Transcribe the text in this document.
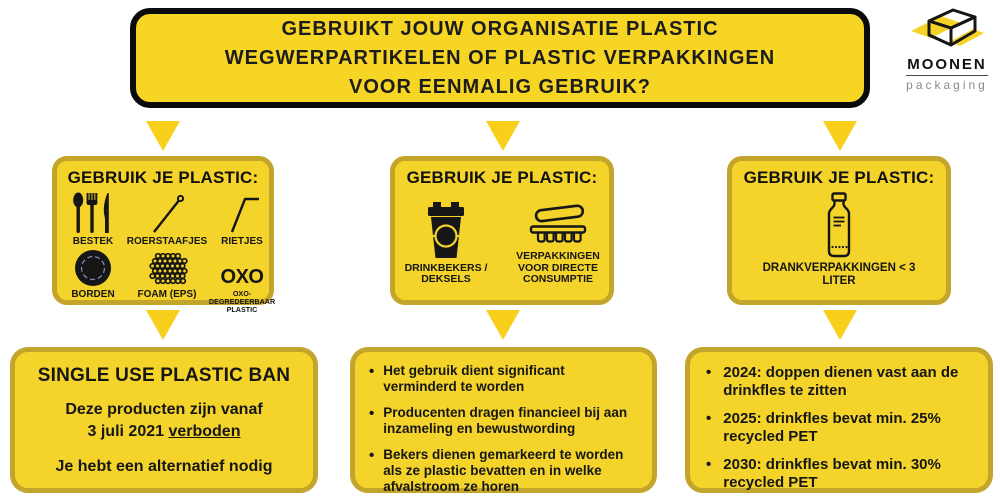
GEBRUIKT JOUW ORGANISATIE PLASTIC
WEGWERPARTIKELEN OF PLASTIC VERPAKKINGEN
VOOR EENMALIG GEBRUIK?
MOONEN
packaging
GEBRUIK JE PLASTIC:
BESTEK ROERSTAAFJES RIETJES
BORDEN FOAM (EPS)
OXO
OXO-DEGREDEERBAAR PLASTIC
GEBRUIK JE PLASTIC:
DRINKBEKERS / DEKSELS
VERPAKKINGEN VOOR DIRECTE CONSUMPTIE
GEBRUIK JE PLASTIC:
DRANKVERPAKKINGEN < 3 LITER
SINGLE USE PLASTIC BAN
Deze producten zijn vanaf
3 juli 2021 verboden
Je hebt een alternatief nodig
• Het gebruik dient significant verminderd te worden
• Producenten dragen financieel bij aan inzameling en bewustwording
• Bekers dienen gemarkeerd te worden als ze plastic bevatten en in welke afvalstroom ze horen
• 2024: doppen dienen vast aan de drinkfles te zitten
• 2025: drinkfles bevat min. 25% recycled PET
• 2030: drinkfles bevat min. 30% recycled PET
